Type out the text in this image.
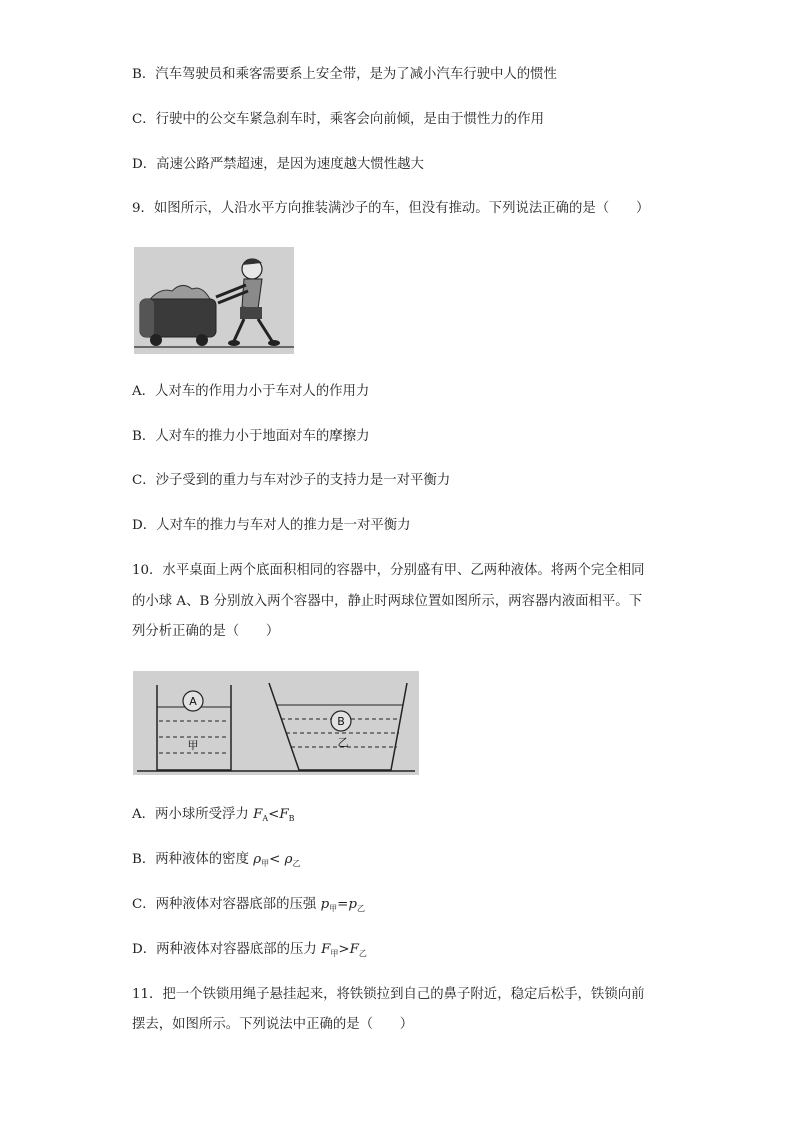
B．汽车驾驶员和乘客需要系上安全带，是为了减小汽车行驶中人的惯性

C．行驶中的公交车紧急刹车时，乘客会向前倾，是由于惯性力的作用

D．高速公路严禁超速，是因为速度越大惯性越大

9．如图所示，人沿水平方向推装满沙子的车，但没有推动。下列说法正确的是（　　）

A．人对车的作用力小于车对人的作用力

B．人对车的推力小于地面对车的摩擦力

C．沙子受到的重力与车对沙子的支持力是一对平衡力

D．人对车的推力与车对人的推力是一对平衡力

10．水平桌面上两个底面积相同的容器中，分别盛有甲、乙两种液体。将两个完全相同

的小球 A、B 分别放入两个容器中，静止时两球位置如图所示，两容器内液面相平。下

列分析正确的是（　　）

A
甲
B
乙

A．两小球所受浮力 $F_A<F_B$

B．两种液体的密度 $\rho_甲< \rho_乙$

C．两种液体对容器底部的压强 $p_甲=p_乙$

D．两种液体对容器底部的压力 $F_甲>F_乙$

11．把一个铁锁用绳子悬挂起来，将铁锁拉到自己的鼻子附近，稳定后松手，铁锁向前

摆去，如图所示。下列说法中正确的是（　　）
